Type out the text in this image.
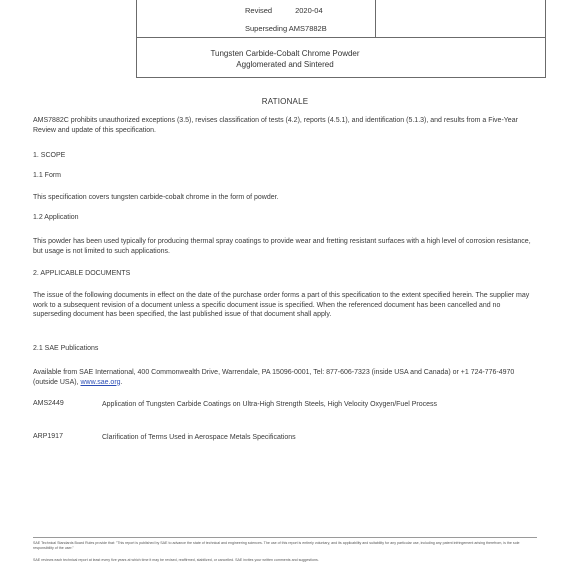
Revised	2020-04
Superseding AMS7882B
Tungsten Carbide-Cobalt Chrome Powder
Agglomerated and Sintered
RATIONALE
AMS7882C prohibits unauthorized exceptions (3.5), revises classification of tests (4.2), reports (4.5.1), and identification (5.1.3), and results from a Five-Year Review and update of this specification.
1. SCOPE
1.1 Form
This specification covers tungsten carbide-cobalt chrome in the form of powder.
1.2 Application
This powder has been used typically for producing thermal spray coatings to provide wear and fretting resistant surfaces with a high level of corrosion resistance, but usage is not limited to such applications.
2. APPLICABLE DOCUMENTS
The issue of the following documents in effect on the date of the purchase order forms a part of this specification to the extent specified herein. The supplier may work to a subsequent revision of a document unless a specific document issue is specified. When the referenced document has been cancelled and no superseding document has been specified, the last published issue of that document shall apply.
2.1 SAE Publications
Available from SAE International, 400 Commonwealth Drive, Warrendale, PA 15096-0001, Tel: 877-606-7323 (inside USA and Canada) or +1 724-776-4970 (outside USA), www.sae.org.
AMS2449	Application of Tungsten Carbide Coatings on Ultra-High Strength Steels, High Velocity Oxygen/Fuel Process
ARP1917	Clarification of Terms Used in Aerospace Metals Specifications
SAE Technical Standards Board Rules provide that: "This report is published by SAE to advance the state of technical and engineering sciences. The use of this report is entirely voluntary, and its applicability and suitability for any particular use, including any patent infringement arising therefrom, is the sole responsibility of the user."
SAE reviews each technical report at least every five years at which time it may be revised, reaffirmed, stabilized, or cancelled. SAE invites your written comments and suggestions.
